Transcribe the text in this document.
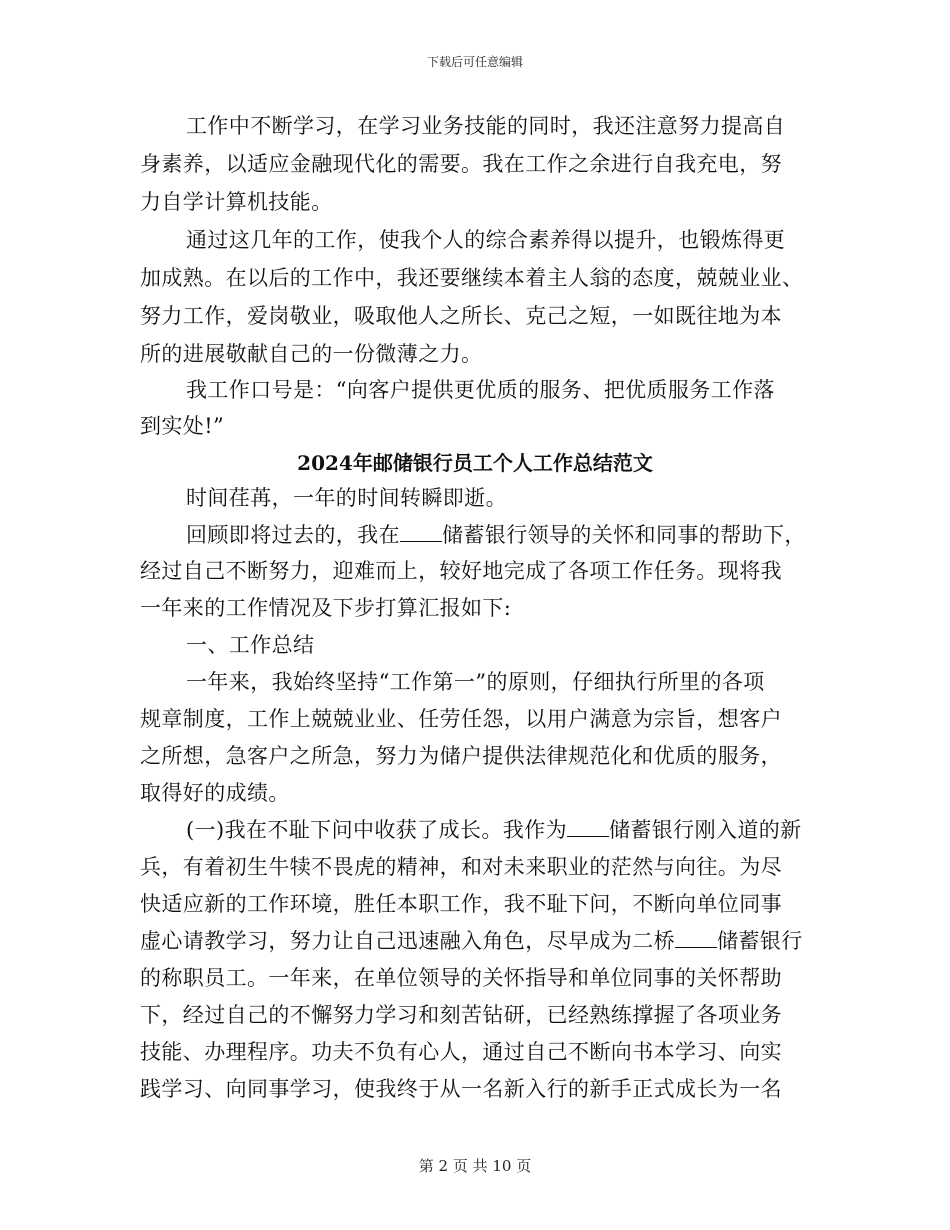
下载后可任意编辑
工作中不断学习，在学习业务技能的同时，我还注意努力提高自
身素养，以适应金融现代化的需要。我在工作之余进行自我充电，努
力自学计算机技能。
通过这几年的工作，使我个人的综合素养得以提升，也锻炼得更
加成熟。在以后的工作中，我还要继续本着主人翁的态度，兢兢业业、
努力工作，爱岗敬业，吸取他人之所长、克己之短，一如既往地为本
所的进展敬献自己的一份微薄之力。
我工作口号是：“向客户提供更优质的服务、把优质服务工作落
到实处!”
2024年邮储银行员工个人工作总结范文
时间荏苒，一年的时间转瞬即逝。
回顾即将过去的，我在 储蓄银行领导的关怀和同事的帮助下，
经过自己不断努力，迎难而上，较好地完成了各项工作任务。现将我
一年来的工作情况及下步打算汇报如下:
一、工作总结
一年来，我始终坚持“工作第一”的原则，仔细执行所里的各项
规章制度，工作上兢兢业业、任劳任怨，以用户满意为宗旨，想客户
之所想，急客户之所急，努力为储户提供法律规范化和优质的服务，
取得好的成绩。
(一)我在不耻下问中收获了成长。我作为 储蓄银行刚入道的新
兵，有着初生牛犊不畏虎的精神，和对未来职业的茫然与向往。为尽
快适应新的工作环境，胜任本职工作，我不耻下问，不断向单位同事
虚心请教学习，努力让自己迅速融入角色，尽早成为二桥 储蓄银行
的称职员工。一年来，在单位领导的关怀指导和单位同事的关怀帮助
下，经过自己的不懈努力学习和刻苦钻研，已经熟练撑握了各项业务
技能、办理程序。功夫不负有心人，通过自己不断向书本学习、向实
践学习、向同事学习，使我终于从一名新入行的新手正式成长为一名
第 2 页 共 10 页
